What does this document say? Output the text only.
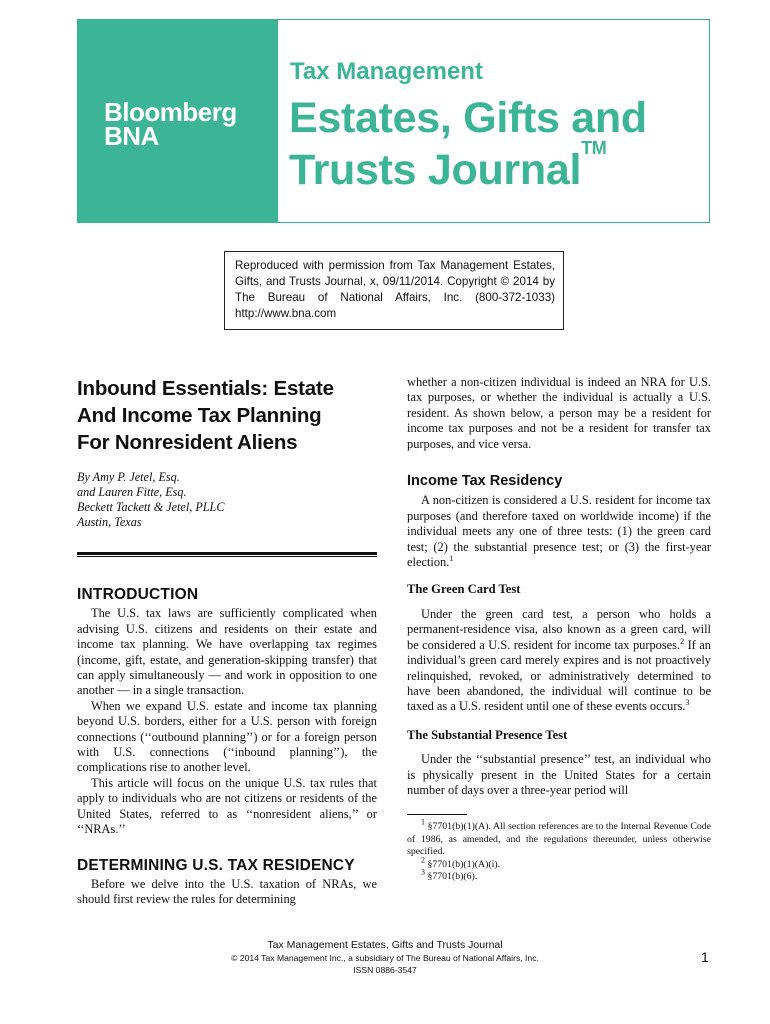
Bloomberg
BNA
Tax Management
Estates, Gifts and
Trusts Journal™
Reproduced with permission from Tax Management Estates, Gifts, and Trusts Journal, x, 09/11/2014. Copyright © 2014 by The Bureau of National Affairs, Inc. (800-372-1033) http://www.bna.com
Inbound Essentials: Estate
And Income Tax Planning
For Nonresident Aliens
By Amy P. Jetel, Esq.
and Lauren Fitte, Esq.
Beckett Tackett & Jetel, PLLC
Austin, Texas
INTRODUCTION

The U.S. tax laws are sufficiently complicated when advising U.S. citizens and residents on their estate and income tax planning. We have overlapping tax regimes (income, gift, estate, and generation-skipping transfer) that can apply simultaneously — and work in opposition to one another — in a single transaction.

When we expand U.S. estate and income tax planning beyond U.S. borders, either for a U.S. person with foreign connections (‘‘outbound planning’’) or for a foreign person with U.S. connections (‘‘inbound planning’’), the complications rise to another level.

This article will focus on the unique U.S. tax rules that apply to individuals who are not citizens or residents of the United States, referred to as ‘‘nonresident aliens,’’ or ‘‘NRAs.’’

DETERMINING U.S. TAX RESIDENCY

Before we delve into the U.S. taxation of NRAs, we should first review the rules for determining

whether a non-citizen individual is indeed an NRA for U.S. tax purposes, or whether the individual is actually a U.S. resident. As shown below, a person may be a resident for income tax purposes and not be a resident for transfer tax purposes, and vice versa.

Income Tax Residency

A non-citizen is considered a U.S. resident for income tax purposes (and therefore taxed on worldwide income) if the individual meets any one of three tests: (1) the green card test; (2) the substantial presence test; or (3) the first-year election.$^1$

The Green Card Test

Under the green card test, a person who holds a permanent-residence visa, also known as a green card, will be considered a U.S. resident for income tax purposes.$^2$ If an individual’s green card merely expires and is not proactively relinquished, revoked, or administratively determined to have been abandoned, the individual will continue to be taxed as a U.S. resident until one of these events occurs.$^3$

The Substantial Presence Test

Under the ‘‘substantial presence’’ test, an individual who is physically present in the United States for a certain number of days over a three-year period will

$^1$ §7701(b)(1)(A). All section references are to the Internal Revenue Code of 1986, as amended, and the regulations thereunder, unless otherwise specified.

$^2$ §7701(b)(1)(A)(i).

$^3$ §7701(b)(6).

Tax Management Estates, Gifts and Trusts Journal
© 2014 Tax Management Inc., a subsidiary of The Bureau of National Affairs, Inc.
ISSN 0886-3547
1
